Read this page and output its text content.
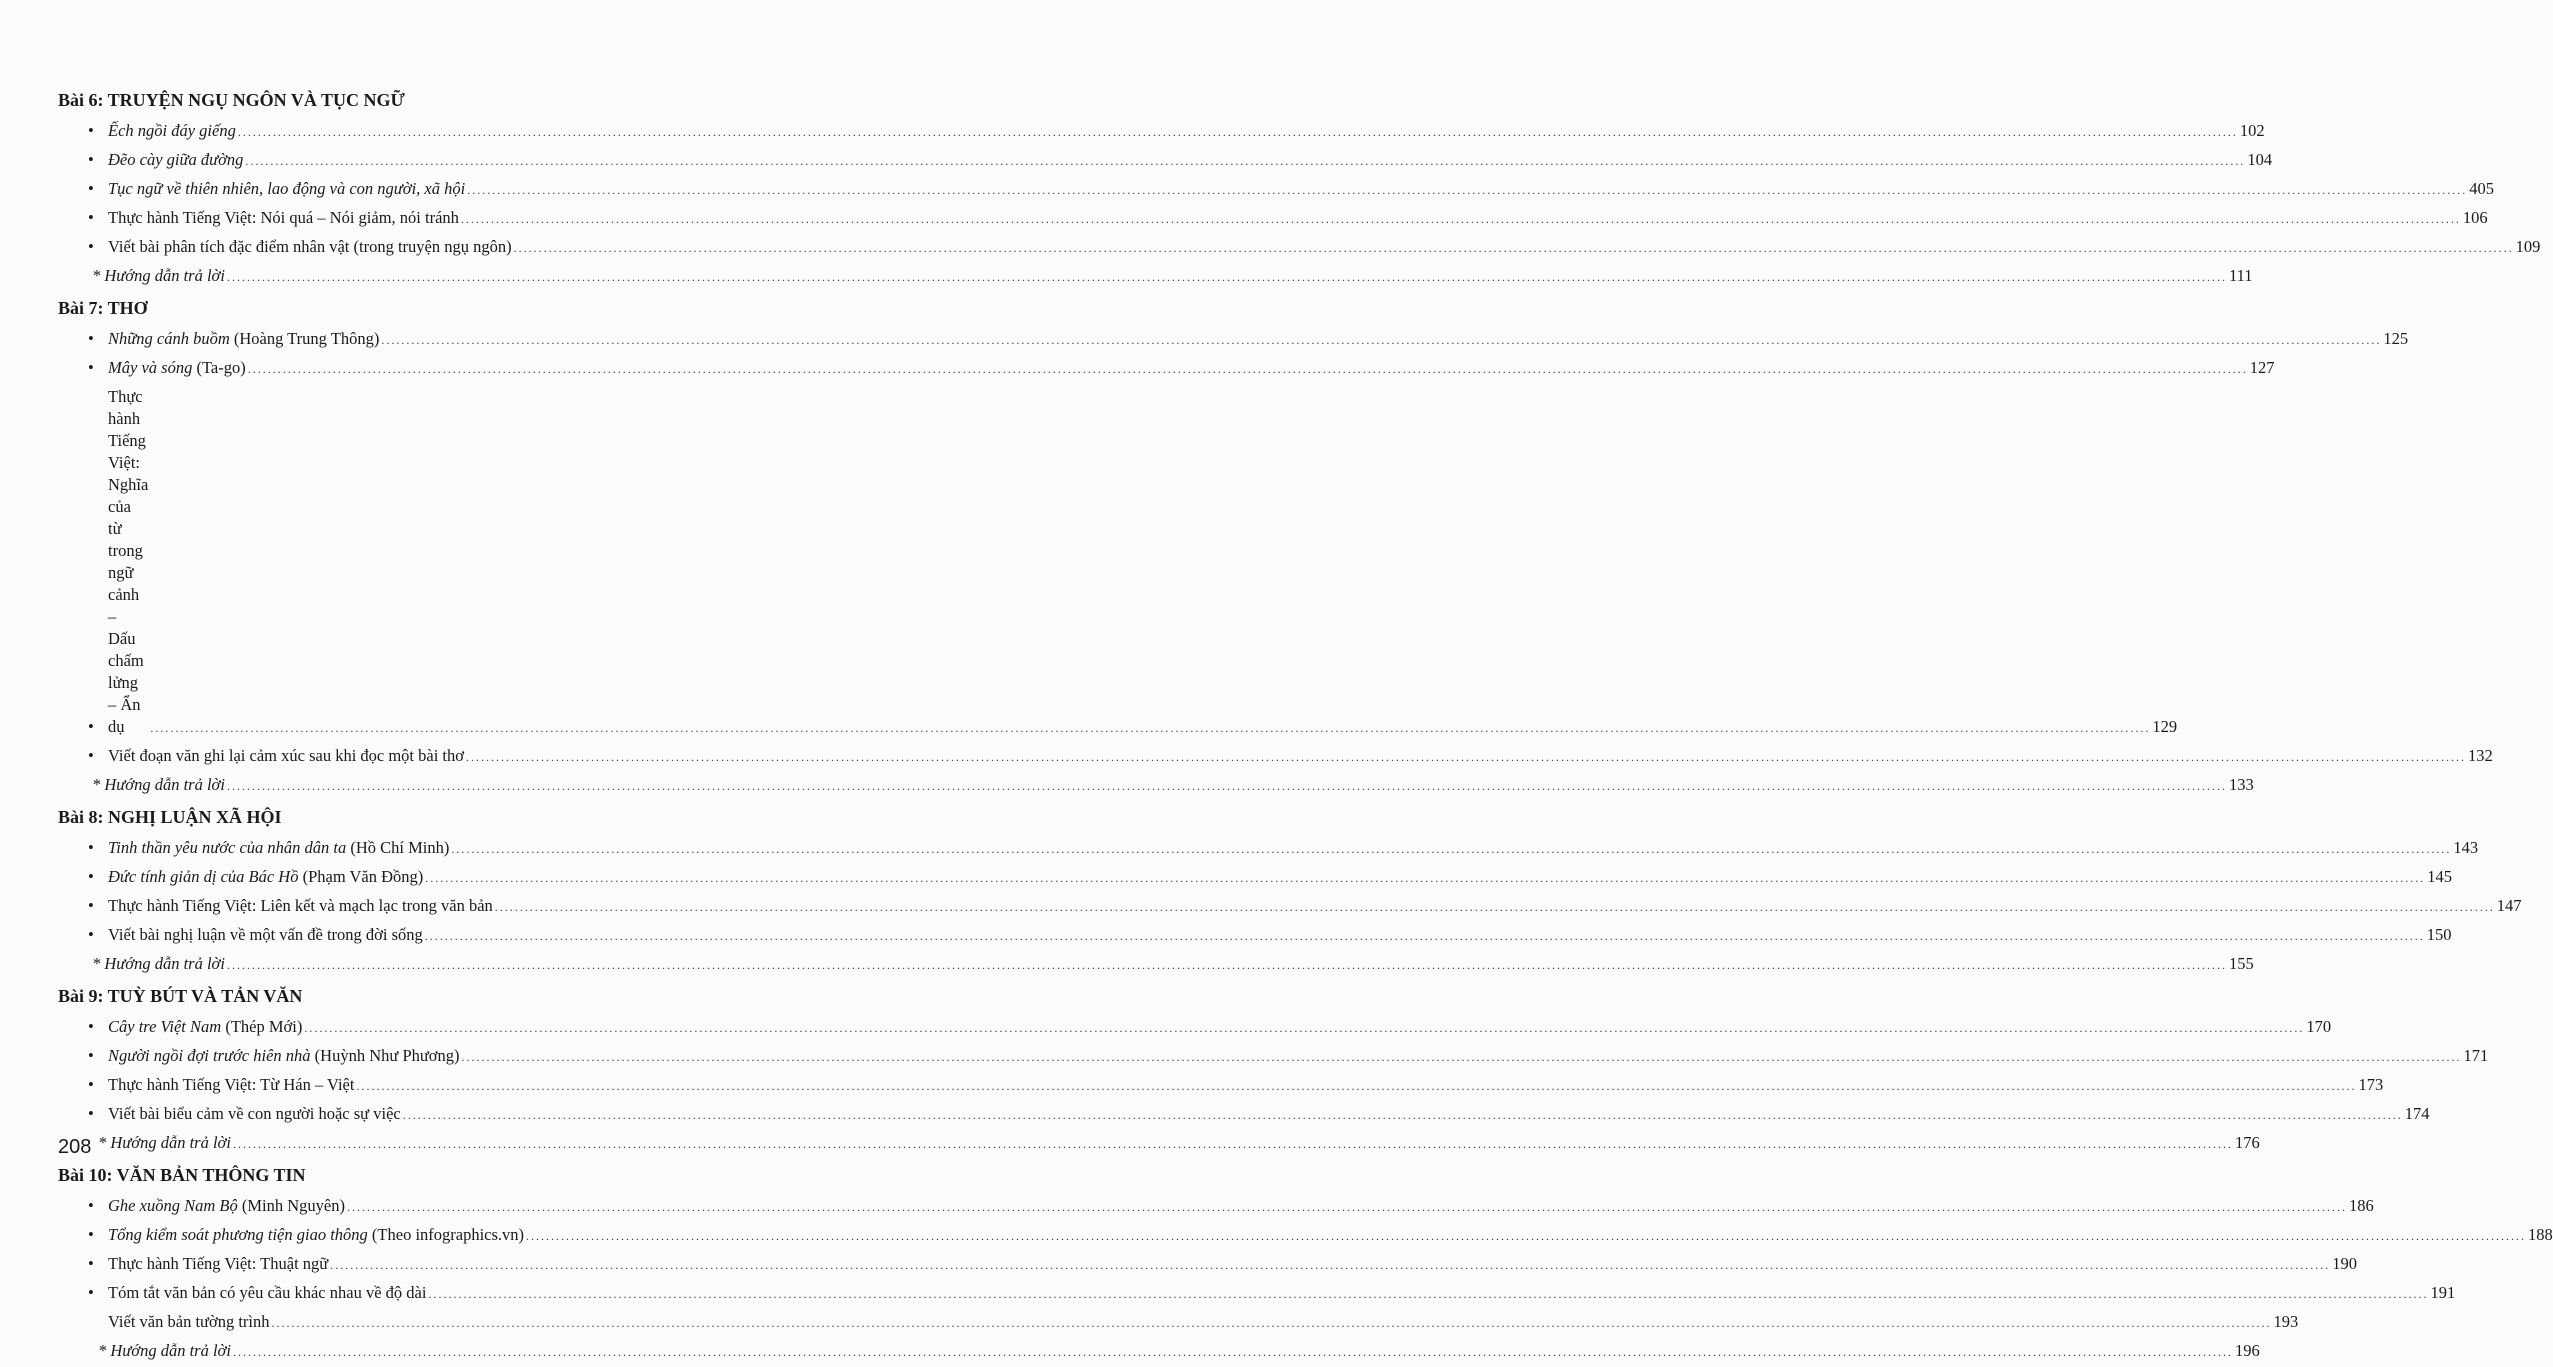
Bài 6: TRUYỆN NGỤ NGÔN VÀ TỤC NGỮ
• Ếch ngồi đáy giếng ................................................................................................................................................................................................................................................................................................................................................................................................................ 102
• Đẽo cày giữa đường ................................................................................................................................................................................................................................................................................................................................................................................................................ 104
• Tục ngữ về thiên nhiên, lao động và con người, xã hội ................................................................................................................................................................................................................................................................................................................................................................................................................ 405
• Thực hành Tiếng Việt: Nói quá – Nói giảm, nói tránh ................................................................................................................................................................................................................................................................................................................................................................................................................ 106
• Viết bài phân tích đặc điểm nhân vật (trong truyện ngụ ngôn) ................................................................................................................................................................................................................................................................................................................................................................................................................ 109
* Hướng dẫn trả lời ................................................................................................................................................................................................................................................................................................................................................................................................................ 111
Bài 7: THƠ
• Những cánh buồm (Hoàng Trung Thông) ................................................................................................................................................................................................................................................................................................................................................................................................................ 125
• Mây và sóng (Ta-go) ................................................................................................................................................................................................................................................................................................................................................................................................................ 127
•
Thực hành Tiếng Việt: Nghĩa của từ trong ngữ cảnh –
Dấu chấm lửng – Ẩn dụ	................................................................................................................................................................................................................................................................................................................................................................................................................ 129
• Viết đoạn văn ghi lại cảm xúc sau khi đọc một bài thơ ................................................................................................................................................................................................................................................................................................................................................................................................................ 132
* Hướng dẫn trả lời ................................................................................................................................................................................................................................................................................................................................................................................................................ 133
Bài 8: NGHỊ LUẬN XÃ HỘI
• Tinh thần yêu nước của nhân dân ta (Hồ Chí Minh) ................................................................................................................................................................................................................................................................................................................................................................................................................ 143
• Đức tính giản dị của Bác Hồ (Phạm Văn Đồng) ................................................................................................................................................................................................................................................................................................................................................................................................................ 145
• Thực hành Tiếng Việt: Liên kết và mạch lạc trong văn bản ................................................................................................................................................................................................................................................................................................................................................................................................................ 147
• Viết bài nghị luận về một vấn đề trong đời sống ................................................................................................................................................................................................................................................................................................................................................................................................................ 150
* Hướng dẫn trả lời ................................................................................................................................................................................................................................................................................................................................................................................................................ 155
Bài 9: TUỲ BÚT VÀ TẢN VĂN
• Cây tre Việt Nam (Thép Mới) ................................................................................................................................................................................................................................................................................................................................................................................................................ 170
• Người ngồi đợi trước hiên nhà (Huỳnh Như Phương) ................................................................................................................................................................................................................................................................................................................................................................................................................ 171
• Thực hành Tiếng Việt: Từ Hán – Việt ................................................................................................................................................................................................................................................................................................................................................................................................................ 173
• Viết bài biểu cảm về con người hoặc sự việc ................................................................................................................................................................................................................................................................................................................................................................................................................ 174
* Hướng dẫn trả lời ................................................................................................................................................................................................................................................................................................................................................................................................................ 176
Bài 10: VĂN BẢN THÔNG TIN
• Ghe xuồng Nam Bộ (Minh Nguyên) ................................................................................................................................................................................................................................................................................................................................................................................................................ 186
• Tổng kiểm soát phương tiện giao thông (Theo infographics.vn) ................................................................................................................................................................................................................................................................................................................................................................................................................ 188
• Thực hành Tiếng Việt: Thuật ngữ ................................................................................................................................................................................................................................................................................................................................................................................................................ 190
• Tóm tắt văn bản có yêu cầu khác nhau về độ dài ................................................................................................................................................................................................................................................................................................................................................................................................................ 191
Viết văn bản tường trình ................................................................................................................................................................................................................................................................................................................................................................................................................ 193
* Hướng dẫn trả lời ................................................................................................................................................................................................................................................................................................................................................................................................................ 196
208
